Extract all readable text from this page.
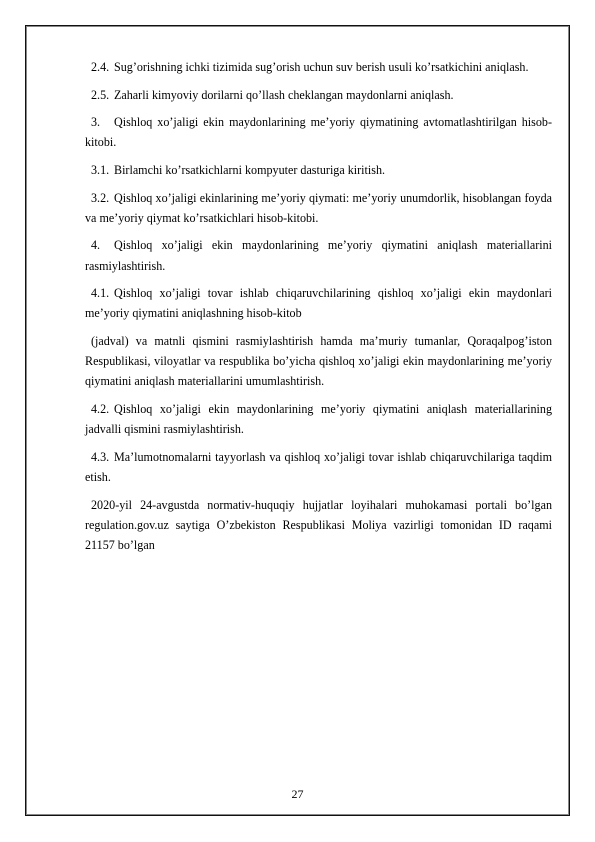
2.4. Sug’orishning ichki tizimida sug’orish uchun suv berish usuli ko’rsatkichini aniqlash.

2.5. Zaharli kimyoviy dorilarni qo’llash cheklangan maydonlarni aniqlash.

3. Qishloq xo’jaligi ekin maydonlarining me’yoriy qiymatining avtomatlashtirilgan hisob-kitobi.

3.1. Birlamchi ko’rsatkichlarni kompyuter dasturiga kiritish.

3.2. Qishloq xo’jaligi ekinlarining me’yoriy qiymati: me’yoriy unumdorlik, hisoblangan foyda va me’yoriy qiymat ko’rsatkichlari hisob-kitobi.

4. Qishloq xo’jaligi ekin maydonlarining me’yoriy qiymatini aniqlash materiallarini rasmiylashtirish.

4.1. Qishloq xo’jaligi tovar ishlab chiqaruvchilarining qishloq xo’jaligi ekin maydonlari me’yoriy qiymatini aniqlashning hisob-kitob

(jadval) va matnli qismini rasmiylashtirish hamda ma’muriy tumanlar, Qoraqalpog’iston Respublikasi, viloyatlar va respublika bo’yicha qishloq xo’jaligi ekin maydonlarining me’yoriy qiymatini aniqlash materiallarini umumlashtirish.

4.2. Qishloq xo’jaligi ekin maydonlarining me’yoriy qiymatini aniqlash materiallarining jadvalli qismini rasmiylashtirish.

4.3. Ma’lumotnomalarni tayyorlash va qishloq xo’jaligi tovar ishlab chiqaruvchilariga taqdim etish.

2020-yil 24-avgustda normativ-huquqiy hujjatlar loyihalari muhokamasi portali bo’lgan regulation.gov.uz saytiga O’zbekiston Respublikasi Moliya vazirligi tomonidan ID raqami 21157 bo’lgan

27
